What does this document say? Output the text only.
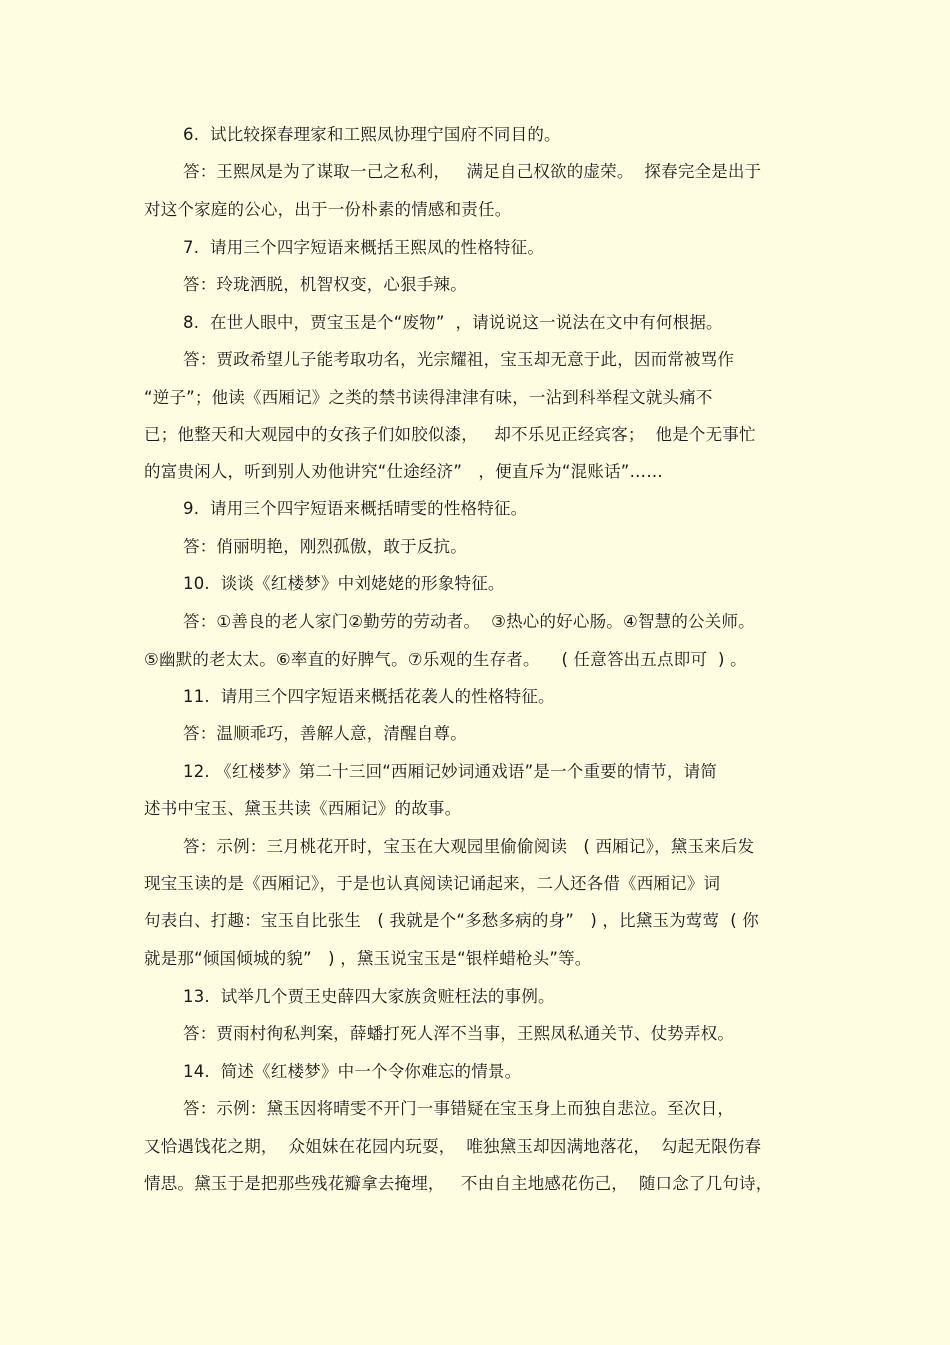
6.  试比较探春理家和工熙凤协理宁国府不同目的。
答：王熙凤是为了谋取一己之私利，   满足自己权欲的虚荣。  探春完全是出于
对这个家庭的公心，出于一份朴素的情感和责任。
7.  请用三个四字短语来概括王熙凤的性格特征。
答：玲珑洒脱，机智权变，心狠手辣。
8.  在世人眼中，贾宝玉是个“废物”  ，请说说这一说法在文中有何根据。
答：贾政希望儿子能考取功名，光宗耀祖，宝玉却无意于此，因而常被骂作
“逆子”；他读《西厢记》之类的禁书读得津津有味，一沾到科举程文就头痛不
已；他整天和大观园中的女孩子们如胶似漆，   却不乐见正经宾客；  他是个无事忙
的富贵闲人，听到别人劝他讲究“仕途经济”   ，便直斥为“混账话”……
9.  请用三个四宇短语来概括晴雯的性格特征。
答：俏丽明艳，刚烈孤傲，敢于反抗。
10.  谈谈《红楼梦》中刘姥姥的形象特征。
答：①善良的老人家门②勤劳的劳动者。  ③热心的好心肠。④智慧的公关师。
⑤幽默的老太太。⑥率直的好脾气。⑦乐观的生存者。    ( 任意答出五点即可  ) 。
11.  请用三个四字短语来概括花袭人的性格特征。
答：温顺乖巧，善解人意，清醒自尊。
12. 《红楼梦》第二十三回“西厢记妙词通戏语”是一个重要的情节，请简
述书中宝玉、黛玉共读《西厢记》的故事。
答：示例：三月桃花开时，宝玉在大观园里偷偷阅读   ( 西厢记》，黛玉来后发
现宝玉读的是《西厢记》，于是也认真阅读记诵起来，二人还各借《西厢记》词
句表白、打趣：宝玉自比张生   ( 我就是个“多愁多病的身”   ) ，比黛玉为莺莺  ( 你
就是那“倾国倾城的貌”   ) ，黛玉说宝玉是“银样蜡枪头”等。
13.  试举几个贾王史薛四大家族贪赃枉法的事例。
答：贾雨村徇私判案，薛蟠打死人浑不当事，王熙凤私通关节、仗势弄权。
14.  简述《红楼梦》中一个令你难忘的情景。
答：示例：黛玉因将晴雯不开门一事错疑在宝玉身上而独自悲泣。至次日，
又恰遇饯花之期，  众姐妹在花园内玩耍，  唯独黛玉却因满地落花，  勾起无限伤春
情思。黛玉于是把那些残花瓣拿去掩埋，   不由自主地感花伤己，  随口念了几句诗，
